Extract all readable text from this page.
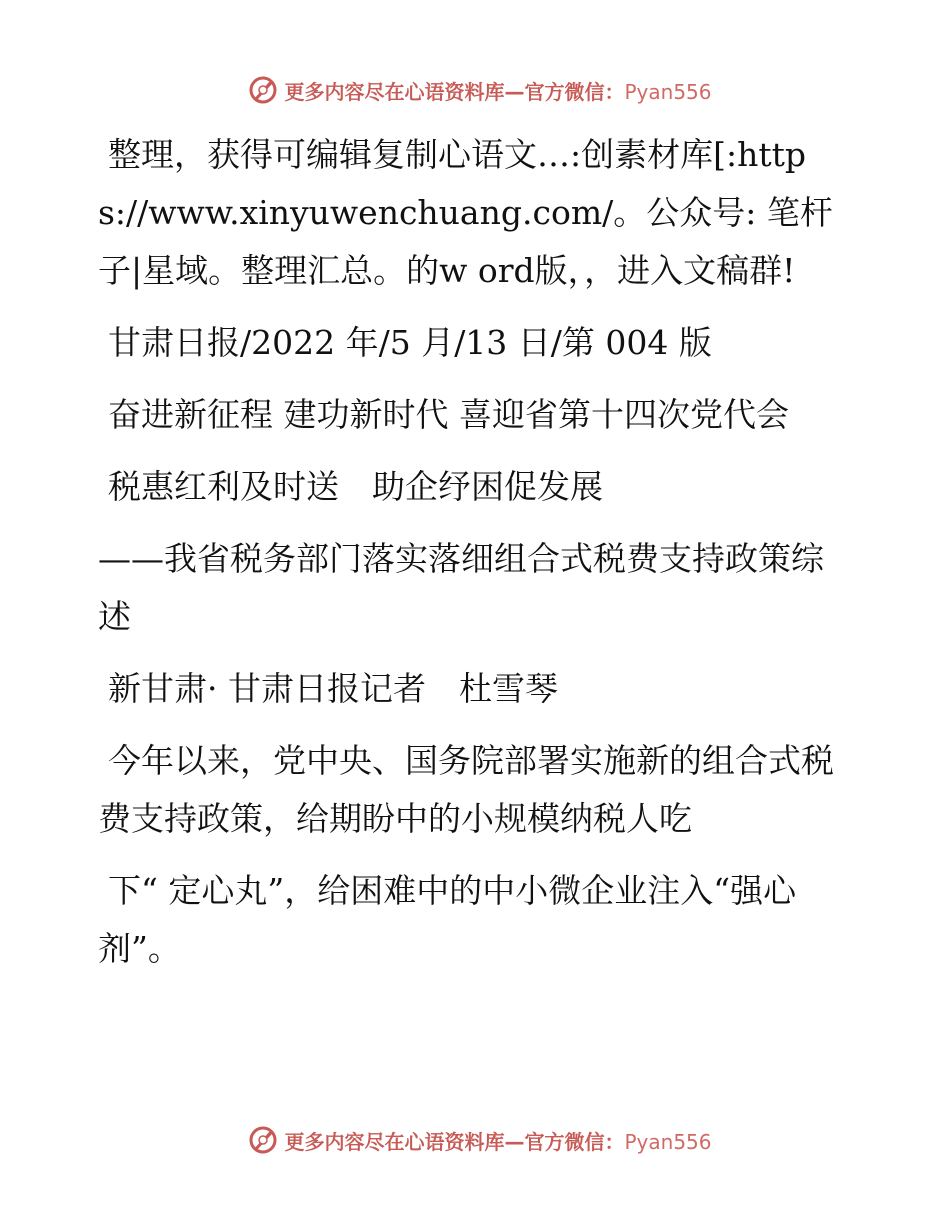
更多内容尽在心语资料库—官方微信：Pyan556

整理，获得可编辑复制心语文…:创素材库[:https://www.xinyuwenchuang.com/。公众号: 笔杆子|星域。整理汇总。的w ord版，，进入文稿群!

甘肃日报/2022 年/5 月/13 日/第 004 版

奋进新征程 建功新时代 喜迎省第十四次党代会

税惠红利及时送　助企纾困促发展

——我省税务部门落实落细组合式税费支持政策综述

新甘肃· 甘肃日报记者　杜雪琴

今年以来，党中央、国务院部署实施新的组合式税费支持政策，给期盼中的小规模纳税人吃

下“ 定心丸”，给困难中的中小微企业注入“强心剂”。

更多内容尽在心语资料库—官方微信：Pyan556
